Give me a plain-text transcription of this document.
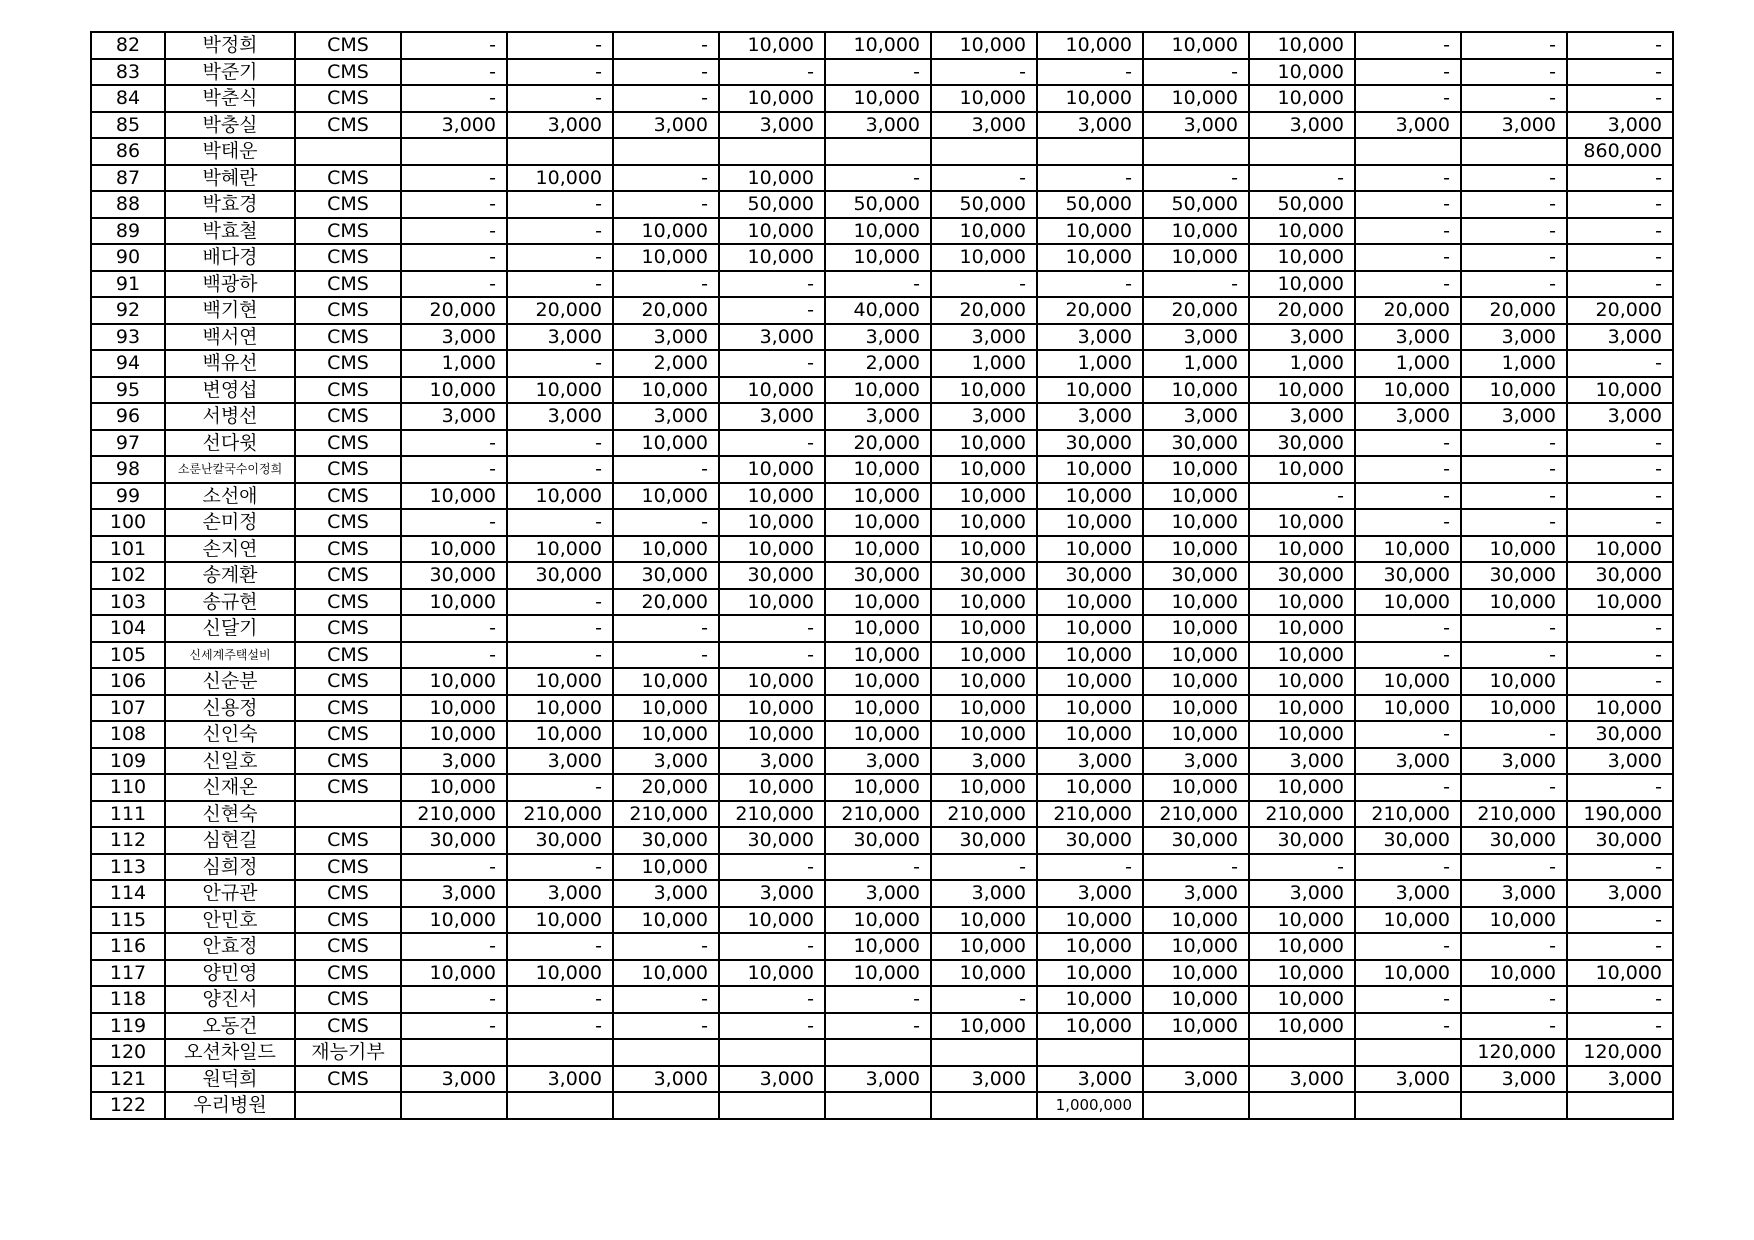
82	박정희	CMS	-	-	-	10,000	10,000	10,000	10,000	10,000	10,000	-	-	-
83	박준기	CMS	-	-	-	-	-	-	-	-	10,000	-	-	-
84	박춘식	CMS	-	-	-	10,000	10,000	10,000	10,000	10,000	10,000	-	-	-
85	박충실	CMS	3,000	3,000	3,000	3,000	3,000	3,000	3,000	3,000	3,000	3,000	3,000	3,000
86	박태운													860,000
87	박혜란	CMS	-	10,000	-	10,000	-	-	-	-	-	-	-	-
88	박효경	CMS	-	-	-	50,000	50,000	50,000	50,000	50,000	50,000	-	-	-
89	박효철	CMS	-	-	10,000	10,000	10,000	10,000	10,000	10,000	10,000	-	-	-
90	배다경	CMS	-	-	10,000	10,000	10,000	10,000	10,000	10,000	10,000	-	-	-
91	백광하	CMS	-	-	-	-	-	-	-	-	10,000	-	-	-
92	백기현	CMS	20,000	20,000	20,000	-	40,000	20,000	20,000	20,000	20,000	20,000	20,000	20,000
93	백서연	CMS	3,000	3,000	3,000	3,000	3,000	3,000	3,000	3,000	3,000	3,000	3,000	3,000
94	백유선	CMS	1,000	-	2,000	-	2,000	1,000	1,000	1,000	1,000	1,000	1,000	-
95	변영섭	CMS	10,000	10,000	10,000	10,000	10,000	10,000	10,000	10,000	10,000	10,000	10,000	10,000
96	서병선	CMS	3,000	3,000	3,000	3,000	3,000	3,000	3,000	3,000	3,000	3,000	3,000	3,000
97	선다윗	CMS	-	-	10,000	-	20,000	10,000	30,000	30,000	30,000	-	-	-
98	소룬난칼국수이정희	CMS	-	-	-	10,000	10,000	10,000	10,000	10,000	10,000	-	-	-
99	소선애	CMS	10,000	10,000	10,000	10,000	10,000	10,000	10,000	10,000	-	-	-	-
100	손미정	CMS	-	-	-	10,000	10,000	10,000	10,000	10,000	10,000	-	-	-
101	손지연	CMS	10,000	10,000	10,000	10,000	10,000	10,000	10,000	10,000	10,000	10,000	10,000	10,000
102	송계환	CMS	30,000	30,000	30,000	30,000	30,000	30,000	30,000	30,000	30,000	30,000	30,000	30,000
103	송규현	CMS	10,000	-	20,000	10,000	10,000	10,000	10,000	10,000	10,000	10,000	10,000	10,000
104	신달기	CMS	-	-	-	-	10,000	10,000	10,000	10,000	10,000	-	-	-
105	신세계주택설비	CMS	-	-	-	-	10,000	10,000	10,000	10,000	10,000	-	-	-
106	신순분	CMS	10,000	10,000	10,000	10,000	10,000	10,000	10,000	10,000	10,000	10,000	10,000	-
107	신용정	CMS	10,000	10,000	10,000	10,000	10,000	10,000	10,000	10,000	10,000	10,000	10,000	10,000
108	신인숙	CMS	10,000	10,000	10,000	10,000	10,000	10,000	10,000	10,000	10,000	-	-	30,000
109	신일호	CMS	3,000	3,000	3,000	3,000	3,000	3,000	3,000	3,000	3,000	3,000	3,000	3,000
110	신재온	CMS	10,000	-	20,000	10,000	10,000	10,000	10,000	10,000	10,000	-	-	-
111	신현숙		210,000	210,000	210,000	210,000	210,000	210,000	210,000	210,000	210,000	210,000	210,000	190,000
112	심현길	CMS	30,000	30,000	30,000	30,000	30,000	30,000	30,000	30,000	30,000	30,000	30,000	30,000
113	심희정	CMS	-	-	10,000	-	-	-	-	-	-	-	-	-
114	안규관	CMS	3,000	3,000	3,000	3,000	3,000	3,000	3,000	3,000	3,000	3,000	3,000	3,000
115	안민호	CMS	10,000	10,000	10,000	10,000	10,000	10,000	10,000	10,000	10,000	10,000	10,000	-
116	안효정	CMS	-	-	-	-	10,000	10,000	10,000	10,000	10,000	-	-	-
117	양민영	CMS	10,000	10,000	10,000	10,000	10,000	10,000	10,000	10,000	10,000	10,000	10,000	10,000
118	양진서	CMS	-	-	-	-	-	-	10,000	10,000	10,000	-	-	-
119	오동건	CMS	-	-	-	-	-	10,000	10,000	10,000	10,000	-	-	-
120	오션차일드	재능기부											120,000	120,000
121	원덕희	CMS	3,000	3,000	3,000	3,000	3,000	3,000	3,000	3,000	3,000	3,000	3,000	3,000
122	우리병원								1,000,000					
